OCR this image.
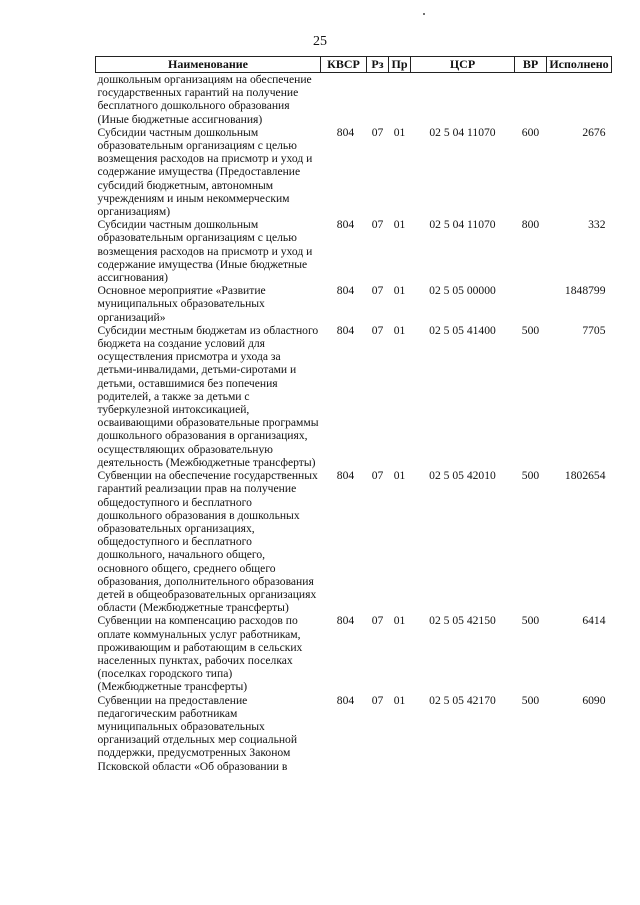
25
Наименование	КВСР	Рз	Пр	ЦСР	ВР	Исполнено
дошкольным организациям на обеспечение государственных гарантий на получение бесплатного дошкольного образования (Иные бюджетные ассигнования)						
Субсидии частным дошкольным образовательным организациям с целью возмещения расходов на присмотр и уход и содержание имущества (Предоставление субсидий бюджетным, автономным учреждениям и иным некоммерческим организациям)	804	07	01	02 5 04 11070	600	2676
Субсидии частным дошкольным образовательным организациям с целью возмещения расходов на присмотр и уход и содержание имущества (Иные бюджетные ассигнования)	804	07	01	02 5 04 11070	800	332
Основное мероприятие «Развитие муниципальных образовательных организаций»	804	07	01	02 5 05 00000		1848799
Субсидии местным бюджетам из областного бюджета на создание условий для осуществления присмотра и ухода за детьми-инвалидами, детьми-сиротами и детьми, оставшимися без попечения родителей, а также за детьми с туберкулезной интоксикацией, осваивающими образовательные программы дошкольного образования в организациях, осуществляющих образовательную деятельность (Межбюджетные трансферты)	804	07	01	02 5 05 41400	500	7705
Субвенции на обеспечение государственных гарантий реализации прав на получение общедоступного и бесплатного дошкольного образования в дошкольных образовательных организациях, общедоступного и бесплатного дошкольного, начального общего, основного общего, среднего общего образования, дополнительного образования детей в общеобразовательных организациях области (Межбюджетные трансферты)	804	07	01	02 5 05 42010	500	1802654
Субвенции на компенсацию расходов по оплате коммунальных услуг работникам, проживающим и работающим в сельских населенных пунктах, рабочих поселках (поселках городского типа) (Межбюджетные трансферты)	804	07	01	02 5 05 42150	500	6414
Субвенции на предоставление педагогическим работникам муниципальных образовательных организаций отдельных мер социальной поддержки, предусмотренных Законом Псковской области «Об образовании в	804	07	01	02 5 05 42170	500	6090
